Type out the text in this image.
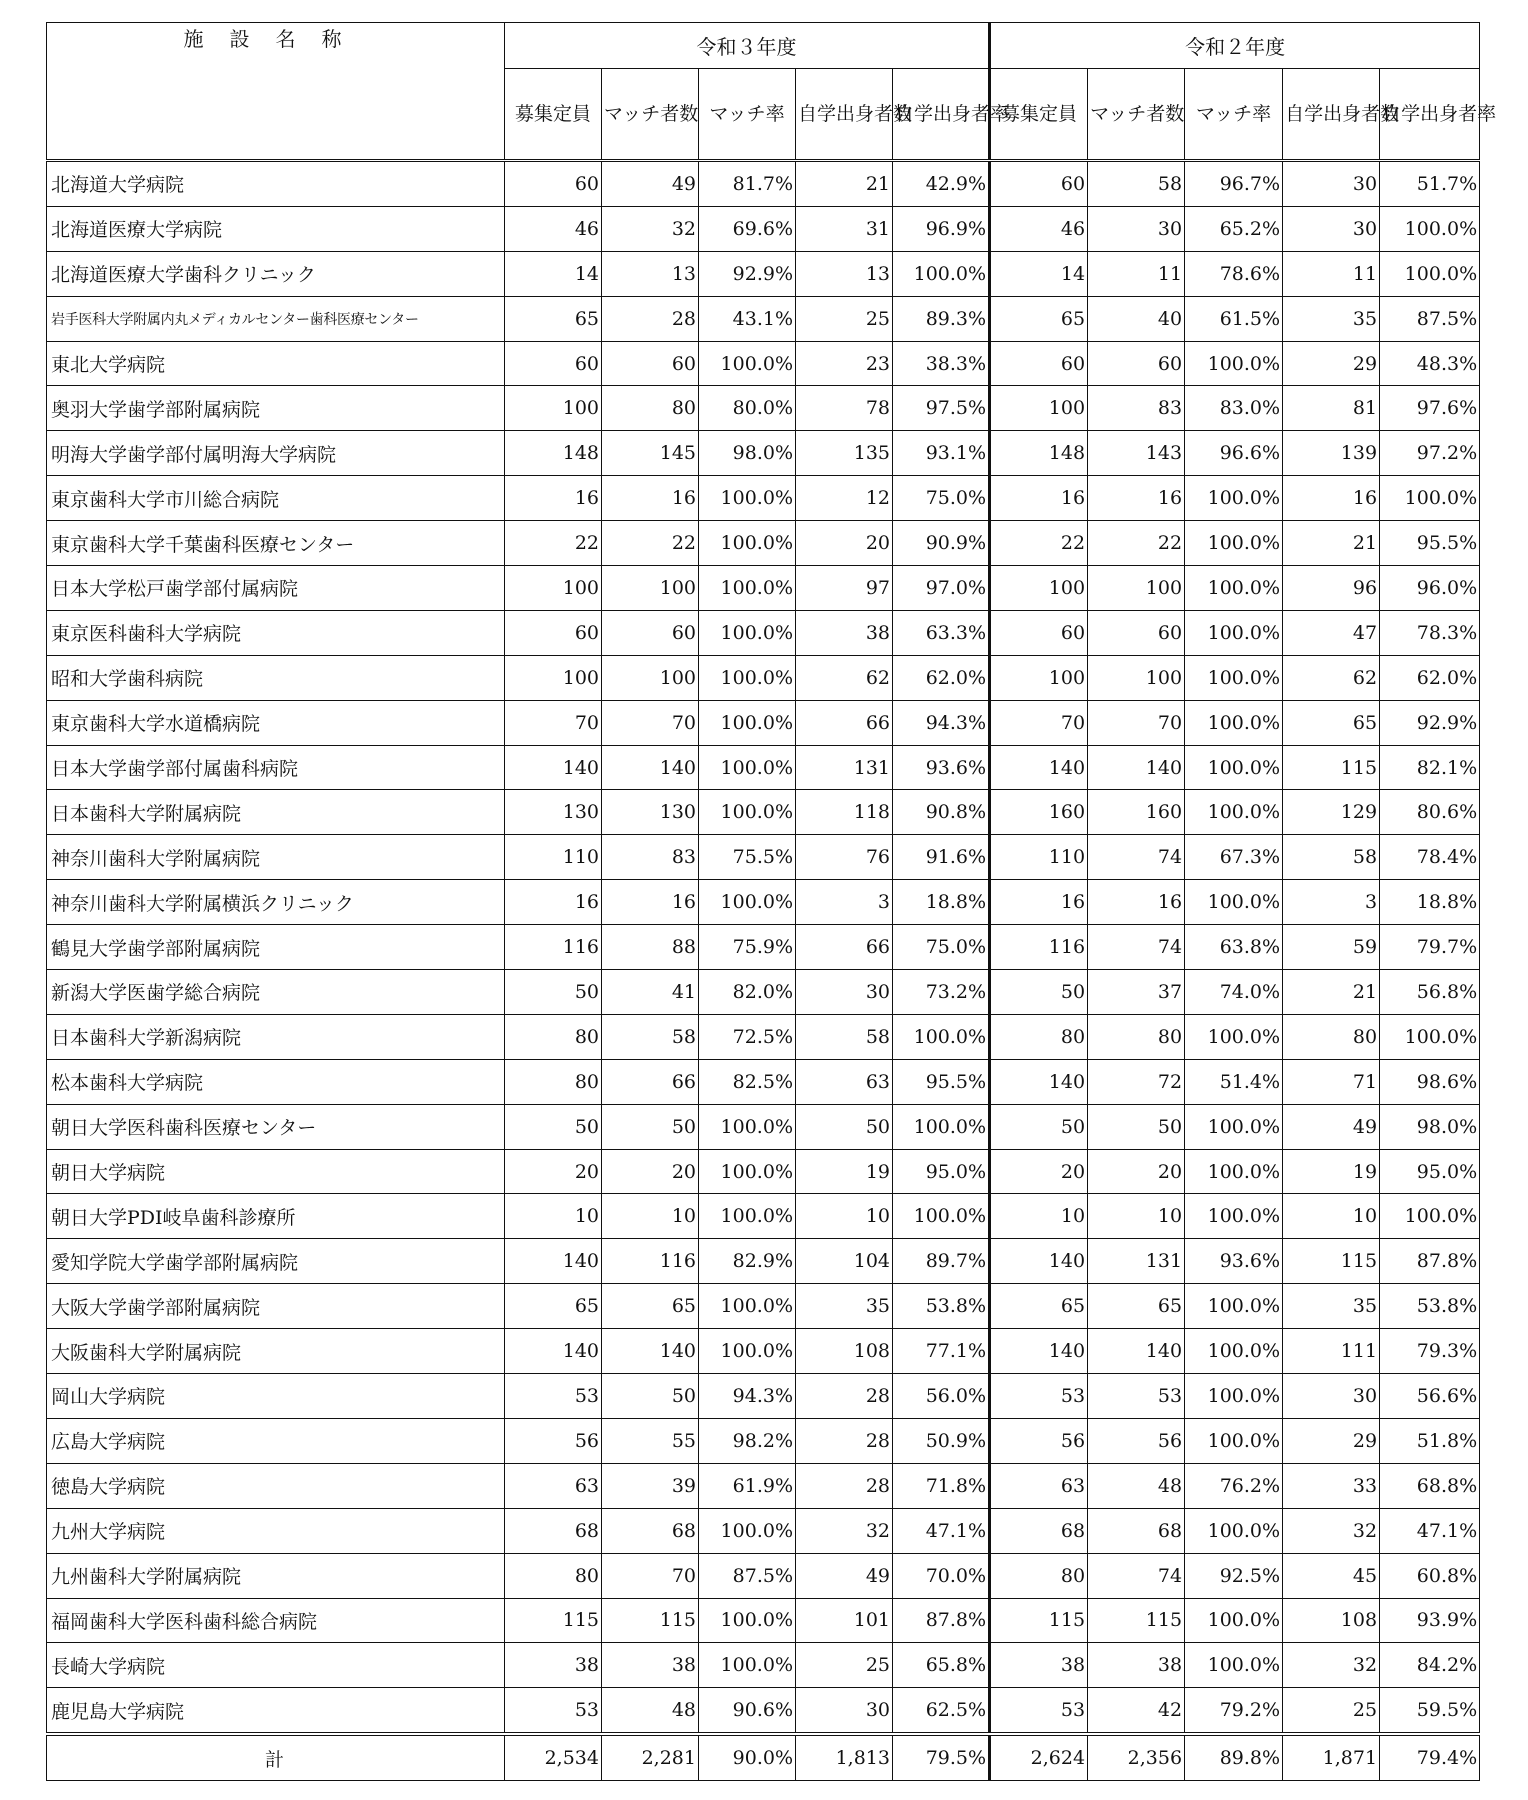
施設名称	令和３年度					令和２年度				
	募集定員	マッチ者数	マッチ率	自学出身者数	自学出身者率	募集定員	マッチ者数	マッチ率	自学出身者数	自学出身者率
北海道大学病院	60	49	81.7%	21	42.9%	60	58	96.7%	30	51.7%
北海道医療大学病院	46	32	69.6%	31	96.9%	46	30	65.2%	30	100.0%
北海道医療大学歯科クリニック	14	13	92.9%	13	100.0%	14	11	78.6%	11	100.0%
岩手医科大学附属内丸メディカルセンター歯科医療センター	65	28	43.1%	25	89.3%	65	40	61.5%	35	87.5%
東北大学病院	60	60	100.0%	23	38.3%	60	60	100.0%	29	48.3%
奥羽大学歯学部附属病院	100	80	80.0%	78	97.5%	100	83	83.0%	81	97.6%
明海大学歯学部付属明海大学病院	148	145	98.0%	135	93.1%	148	143	96.6%	139	97.2%
東京歯科大学市川総合病院	16	16	100.0%	12	75.0%	16	16	100.0%	16	100.0%
東京歯科大学千葉歯科医療センター	22	22	100.0%	20	90.9%	22	22	100.0%	21	95.5%
日本大学松戸歯学部付属病院	100	100	100.0%	97	97.0%	100	100	100.0%	96	96.0%
東京医科歯科大学病院	60	60	100.0%	38	63.3%	60	60	100.0%	47	78.3%
昭和大学歯科病院	100	100	100.0%	62	62.0%	100	100	100.0%	62	62.0%
東京歯科大学水道橋病院	70	70	100.0%	66	94.3%	70	70	100.0%	65	92.9%
日本大学歯学部付属歯科病院	140	140	100.0%	131	93.6%	140	140	100.0%	115	82.1%
日本歯科大学附属病院	130	130	100.0%	118	90.8%	160	160	100.0%	129	80.6%
神奈川歯科大学附属病院	110	83	75.5%	76	91.6%	110	74	67.3%	58	78.4%
神奈川歯科大学附属横浜クリニック	16	16	100.0%	3	18.8%	16	16	100.0%	3	18.8%
鶴見大学歯学部附属病院	116	88	75.9%	66	75.0%	116	74	63.8%	59	79.7%
新潟大学医歯学総合病院	50	41	82.0%	30	73.2%	50	37	74.0%	21	56.8%
日本歯科大学新潟病院	80	58	72.5%	58	100.0%	80	80	100.0%	80	100.0%
松本歯科大学病院	80	66	82.5%	63	95.5%	140	72	51.4%	71	98.6%
朝日大学医科歯科医療センター	50	50	100.0%	50	100.0%	50	50	100.0%	49	98.0%
朝日大学病院	20	20	100.0%	19	95.0%	20	20	100.0%	19	95.0%
朝日大学PDI岐阜歯科診療所	10	10	100.0%	10	100.0%	10	10	100.0%	10	100.0%
愛知学院大学歯学部附属病院	140	116	82.9%	104	89.7%	140	131	93.6%	115	87.8%
大阪大学歯学部附属病院	65	65	100.0%	35	53.8%	65	65	100.0%	35	53.8%
大阪歯科大学附属病院	140	140	100.0%	108	77.1%	140	140	100.0%	111	79.3%
岡山大学病院	53	50	94.3%	28	56.0%	53	53	100.0%	30	56.6%
広島大学病院	56	55	98.2%	28	50.9%	56	56	100.0%	29	51.8%
徳島大学病院	63	39	61.9%	28	71.8%	63	48	76.2%	33	68.8%
九州大学病院	68	68	100.0%	32	47.1%	68	68	100.0%	32	47.1%
九州歯科大学附属病院	80	70	87.5%	49	70.0%	80	74	92.5%	45	60.8%
福岡歯科大学医科歯科総合病院	115	115	100.0%	101	87.8%	115	115	100.0%	108	93.9%
長崎大学病院	38	38	100.0%	25	65.8%	38	38	100.0%	32	84.2%
鹿児島大学病院	53	48	90.6%	30	62.5%	53	42	79.2%	25	59.5%
計	2,534	2,281	90.0%	1,813	79.5%	2,624	2,356	89.8%	1,871	79.4%
